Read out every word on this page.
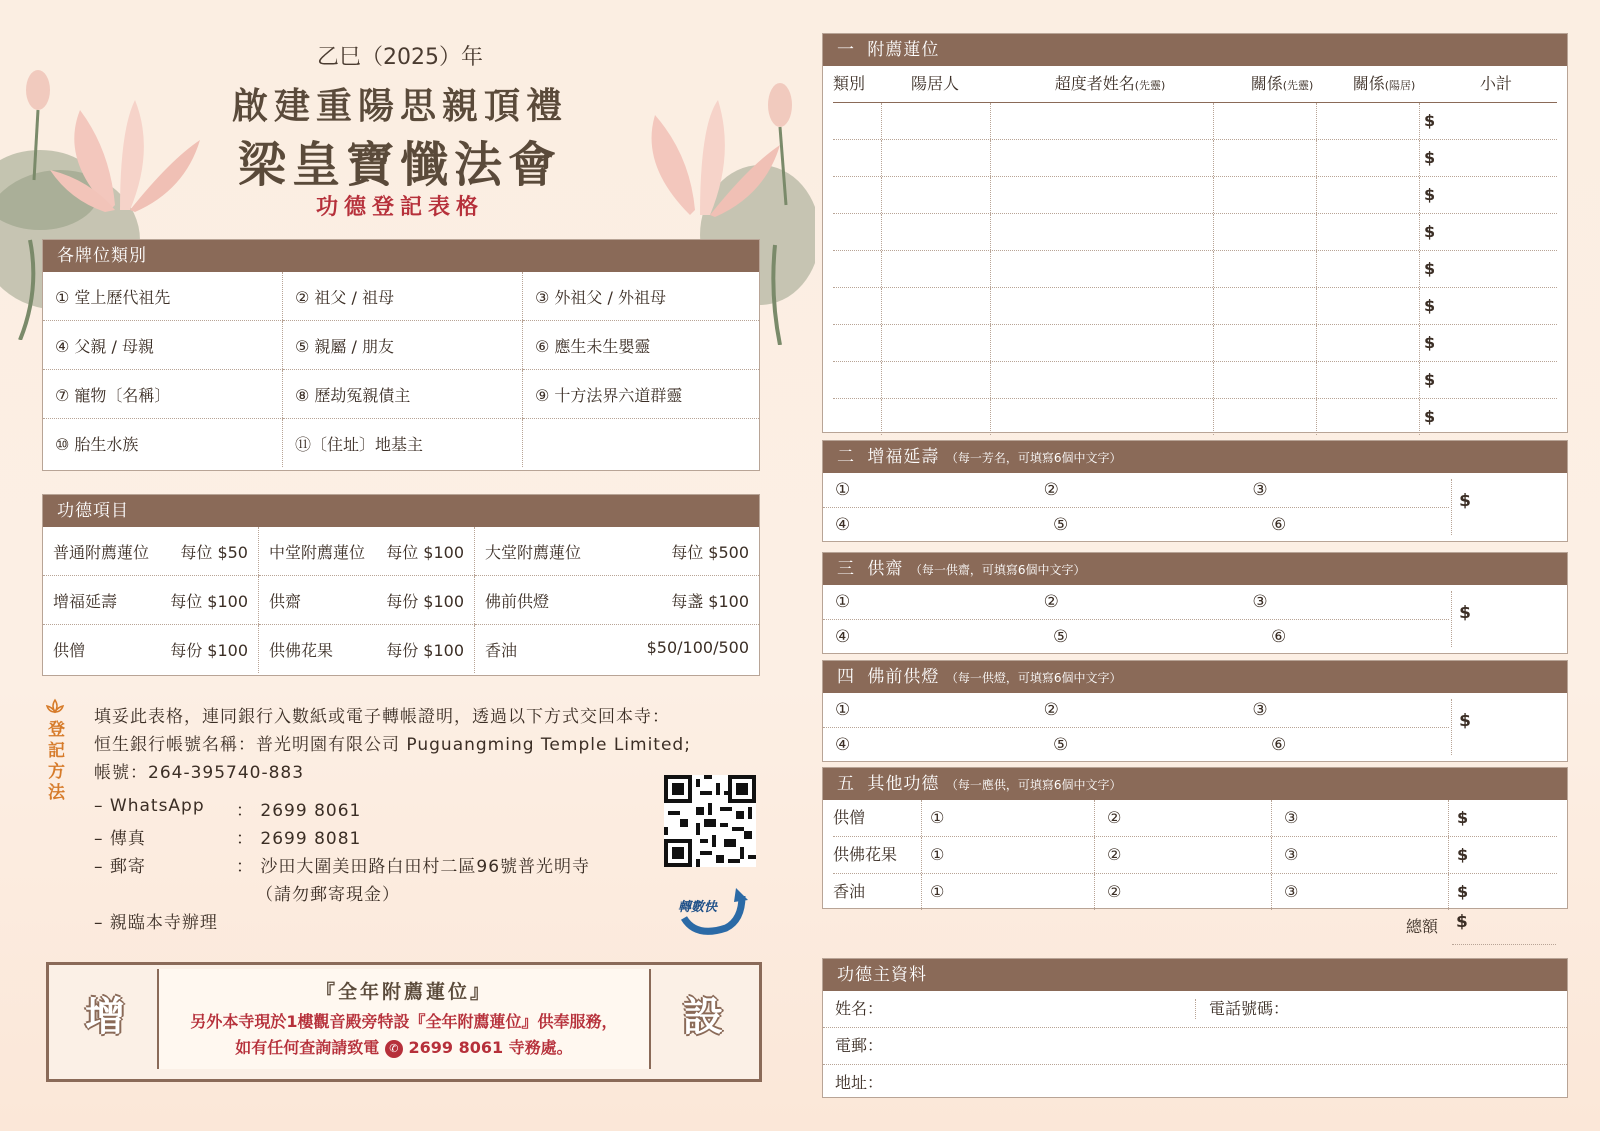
乙巳（2025）年
啟建重陽思親頂禮
梁皇寶懺法會
功德登記表格
各牌位類別
① 堂上歷代祖先	② 祖父 / 祖母	③ 外祖父 / 外祖母
④ 父親 / 母親	⑤ 親屬 / 朋友	⑥ 應生未生嬰靈
⑦ 寵物〔名稱〕	⑧ 歷劫冤親債主	⑨ 十方法界六道群靈
⑩ 胎生水族	⑪〔住址〕地基主	
功德項目
普通附薦蓮位 每位 $50	中堂附薦蓮位 每位 $100	大堂附薦蓮位 每位 $500

增福延壽 每位 $100	供齋 每份 $100	佛前供燈 每盞 $100

供僧 每份 $100	供佛花果 每份 $100	香油 $50/100/500
登記方法
填妥此表格，連同銀行入數紙或電子轉帳證明，透過以下方式交回本寺：
恒生銀行帳號名稱：普光明園有限公司 Puguangming Temple Limited;
帳號：264-395740-883
– WhatsApp ： 2699 8061
– 傳真	： 2699 8081
– 郵寄	： 沙田大圍美田路白田村二區96號普光明寺
（請勿郵寄現金）
– 親臨本寺辦理
轉數快
增
『全年附薦蓮位』
另外本寺現於1樓觀音殿旁特設『全年附薦蓮位』供奉服務，
如有任何查詢請致電 ✆ 2699 8061 寺務處。
設
一 附薦蓮位
類別	陽居人	超度者姓名(先靈)	關係(先靈)	關係(陽居)	小計
$
$
$
$
$
$
$
$
$
二 增福延壽 （每一芳名，可填寫6個中文字）
①	②	③
④	⑤	⑥
$
三 供齋 （每一供齋，可填寫6個中文字）
①	②	③
④	⑤	⑥
$
四 佛前供燈 （每一供燈，可填寫6個中文字）
①	②	③
④	⑤	⑥
$
五 其他功德 （每一應供，可填寫6個中文字）
供僧	①	②	③	$
供佛花果	①	②	③	$
香油	①	②	③	$
總額 $
功德主資料
姓名：	電話號碼：
電郵：
地址：
